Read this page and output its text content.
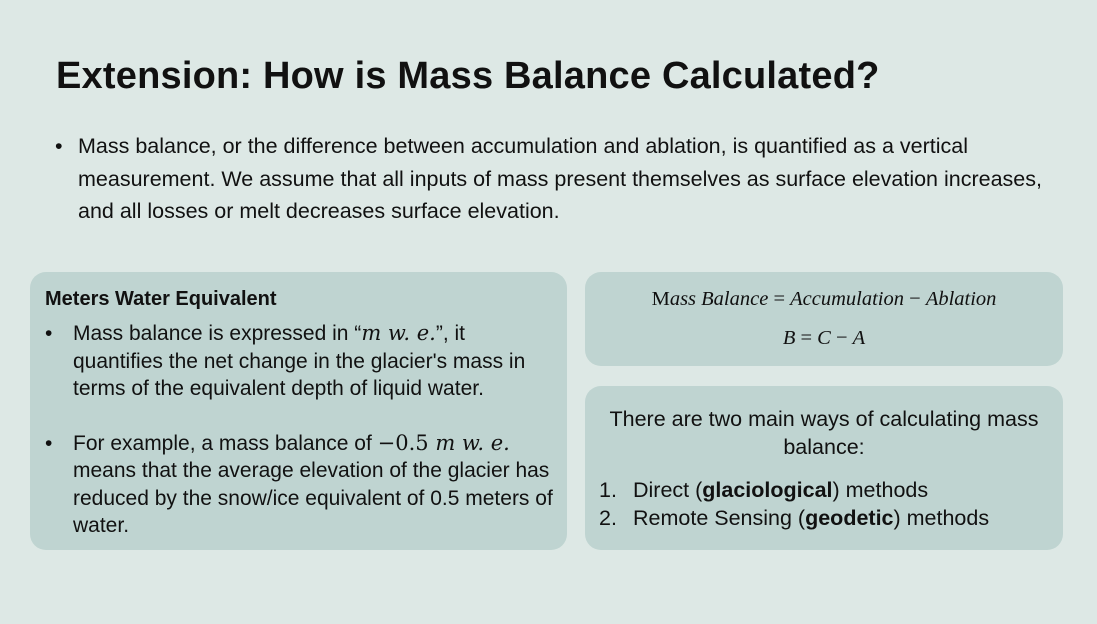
Extension: How is Mass Balance Calculated?
• Mass balance, or the difference between accumulation and ablation, is quantified as a vertical measurement. We assume that all inputs of mass present themselves as surface elevation increases, and all losses or melt decreases surface elevation.
Meters Water Equivalent
• Mass balance is expressed in “m w. e.”, it quantifies the net change in the glacier's mass in terms of the equivalent depth of liquid water.
• For example, a mass balance of −0.5 m w. e. means that the average elevation of the glacier has reduced by the snow/ice equivalent of 0.5 meters of water.
Mass Balance = Accumulation − Ablation
B = C − A
There are two main ways of calculating mass balance:
1. Direct (glaciological) methods
2. Remote Sensing (geodetic) methods
